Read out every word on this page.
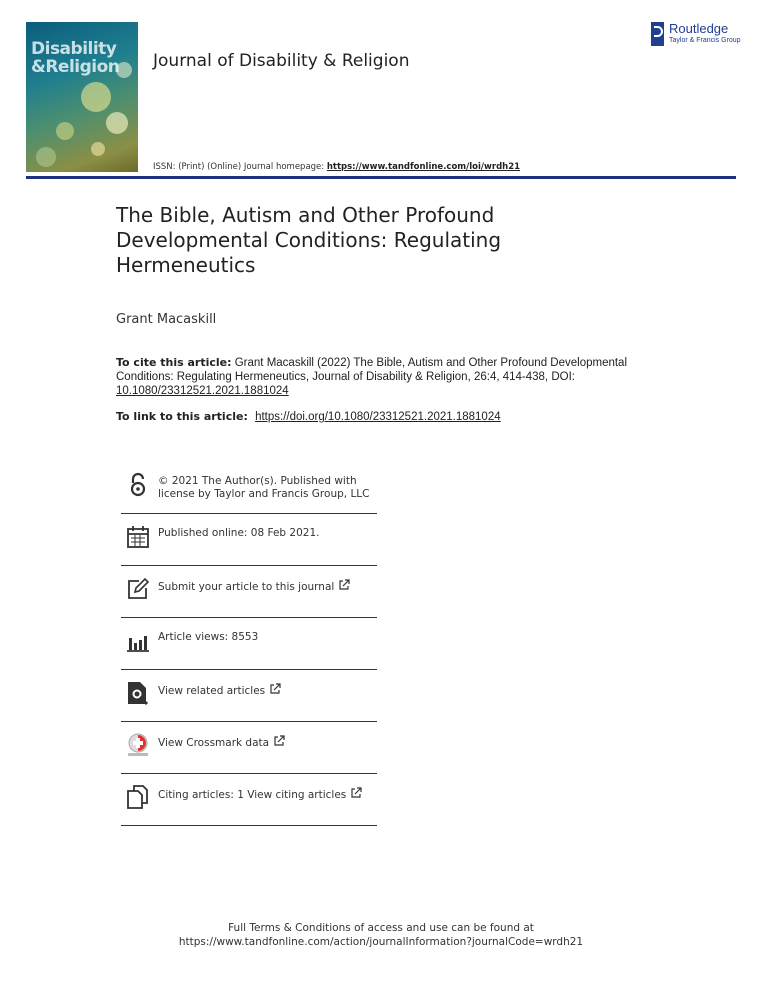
Disability
&Religion Journal of Disability & Religion
Routledge
Taylor & Francis Group
ISSN: (Print) (Online) Journal homepage: https://www.tandfonline.com/loi/wrdh21
The Bible, Autism and Other Profound Developmental Conditions: Regulating Hermeneutics
Grant Macaskill
To cite this article: Grant Macaskill (2022) The Bible, Autism and Other Profound Developmental Conditions: Regulating Hermeneutics, Journal of Disability & Religion, 26:4, 414-438, DOI: 10.1080/23312521.2021.1881024
To link to this article: https://doi.org/10.1080/23312521.2021.1881024
© 2021 The Author(s). Published with license by Taylor and Francis Group, LLC
Published online: 08 Feb 2021.
Submit your article to this journal
Article views: 8553
View related articles
View Crossmark data
Citing articles: 1 View citing articles
Full Terms & Conditions of access and use can be found at
https://www.tandfonline.com/action/journalInformation?journalCode=wrdh21
